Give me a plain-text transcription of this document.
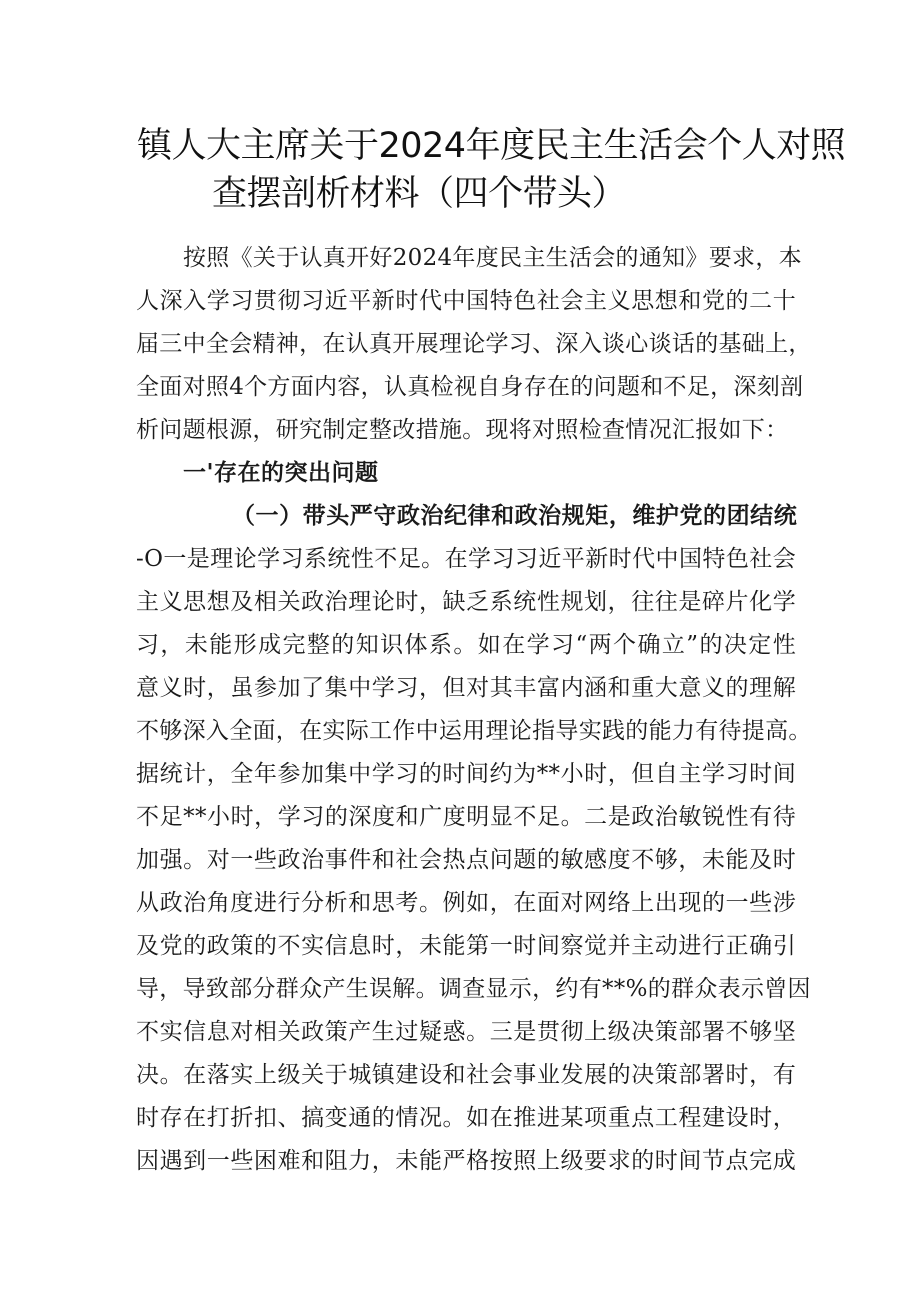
镇人大主席关于2024年度民主生活会个人对照
查摆剖析材料（四个带头）

按照《关于认真开好2024年度民主生活会的通知》要求，本

人深入学习贯彻习近平新时代中国特色社会主义思想和党的二十

届三中全会精神，在认真开展理论学习、深入谈心谈话的基础上，

全面对照4个方面内容，认真检视自身存在的问题和不足，深刻剖

析问题根源，研究制定整改措施。现将对照检查情况汇报如下：

一'存在的突出问题

（一）带头严守政治纪律和政治规矩，维护党的团结统

-O一是理论学习系统性不足。在学习习近平新时代中国特色社会

主义思想及相关政治理论时，缺乏系统性规划，往往是碎片化学

习，未能形成完整的知识体系。如在学习“两个确立”的决定性

意义时，虽参加了集中学习，但对其丰富内涵和重大意义的理解

不够深入全面，在实际工作中运用理论指导实践的能力有待提高。

据统计，全年参加集中学习的时间约为**小时，但自主学习时间

不足**小时，学习的深度和广度明显不足。二是政治敏锐性有待

加强。对一些政治事件和社会热点问题的敏感度不够，未能及时

从政治角度进行分析和思考。例如，在面对网络上出现的一些涉

及党的政策的不实信息时，未能第一时间察觉并主动进行正确引

导，导致部分群众产生误解。调查显示，约有**%的群众表示曾因

不实信息对相关政策产生过疑惑。三是贯彻上级决策部署不够坚

决。在落实上级关于城镇建设和社会事业发展的决策部署时，有

时存在打折扣、搞变通的情况。如在推进某项重点工程建设时，

因遇到一些困难和阻力，未能严格按照上级要求的时间节点完成
